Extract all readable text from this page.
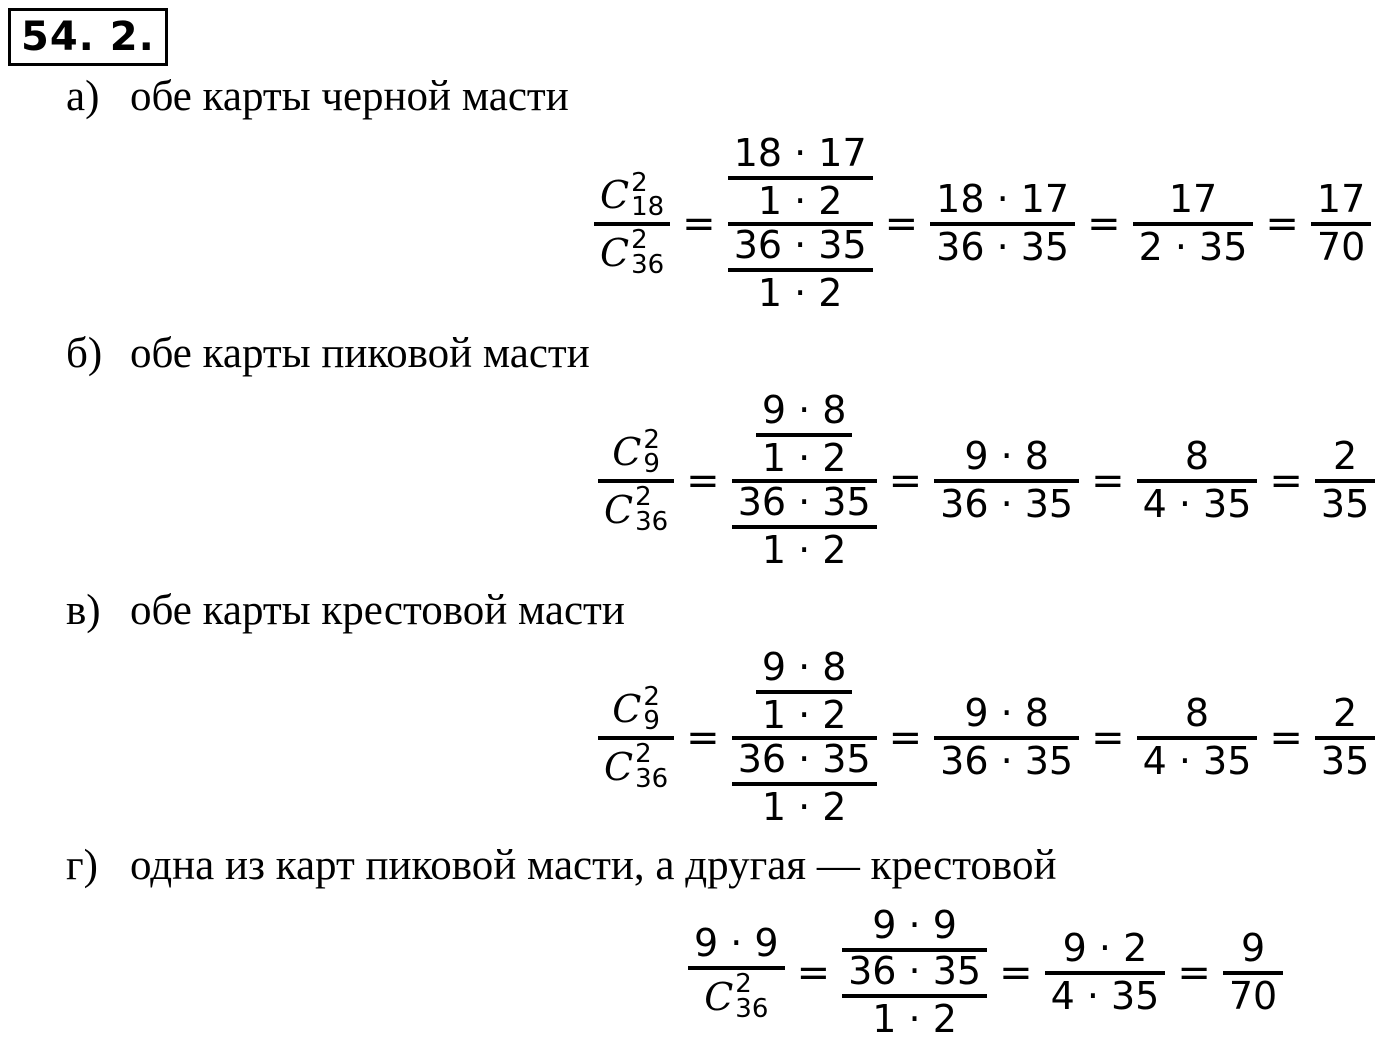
54. 2.
а) обе карты черной масти
C 2
18
C 2
$36 = \frac{\frac{18 \cdot 17}{1 \cdot 2}}{\frac{36 \cdot 35}{1 \cdot 2}} = \frac{18 \cdot 17}{36 \cdot 35} = \frac{17}{2 \cdot 35} = \frac{17}{70}$
б) обе карты пиковой масти
C 2
9
C 2
$36 = \frac{\frac{9 \cdot 8}{1 \cdot 2}}{\frac{36 \cdot 35}{1 \cdot 2}} = \frac{9 \cdot 8}{36 \cdot 35} = \frac{8}{4 \cdot 35} = \frac{2}{35}$
в) обе карты крестовой масти
C 2
9
C 2
$36 = \frac{\frac{9 \cdot 8}{1 \cdot 2}}{\frac{36 \cdot 35}{1 \cdot 2}} = \frac{9 \cdot 8}{36 \cdot 35} = \frac{8}{4 \cdot 35} = \frac{2}{35}$
г) одна из карт пиковой масти, а другая — крестовой
9 · 9
C 2
$36 = \frac{9 \cdot 9}{\frac{36 \cdot 35}{1 \cdot 2}} = \frac{9 \cdot 2}{4 \cdot 35} = \frac{9}{70}$
